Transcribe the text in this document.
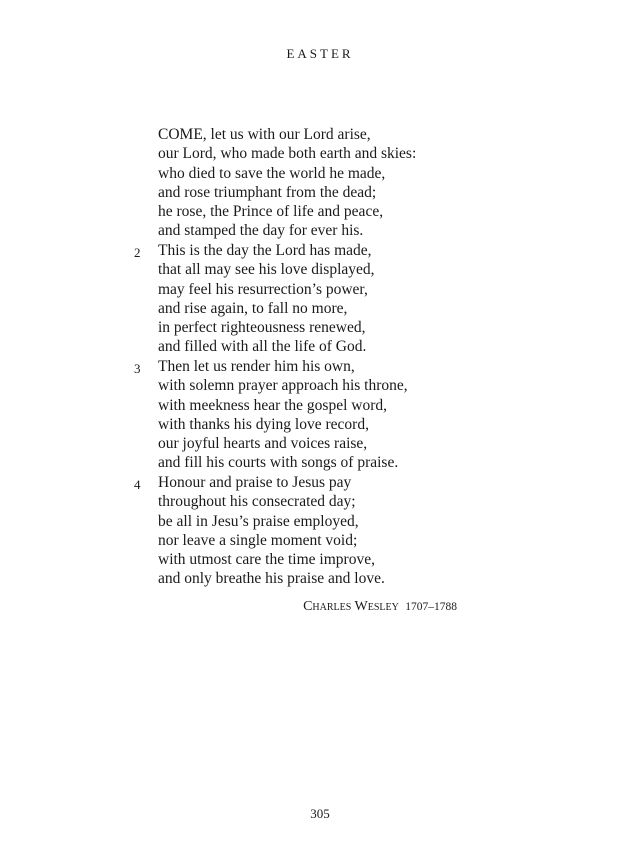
EASTER
COME, let us with our Lord arise,
our Lord, who made both earth and skies:
who died to save the world he made,
and rose triumphant from the dead;
he rose, the Prince of life and peace,
and stamped the day for ever his.
2 This is the day the Lord has made,
that all may see his love displayed,
may feel his resurrection’s power,
and rise again, to fall no more,
in perfect righteousness renewed,
and filled with all the life of God.
3 Then let us render him his own,
with solemn prayer approach his throne,
with meekness hear the gospel word,
with thanks his dying love record,
our joyful hearts and voices raise,
and fill his courts with songs of praise.
4 Honour and praise to Jesus pay
throughout his consecrated day;
be all in Jesu’s praise employed,
nor leave a single moment void;
with utmost care the time improve,
and only breathe his praise and love.
Charles Wesley 1707–1788
305
